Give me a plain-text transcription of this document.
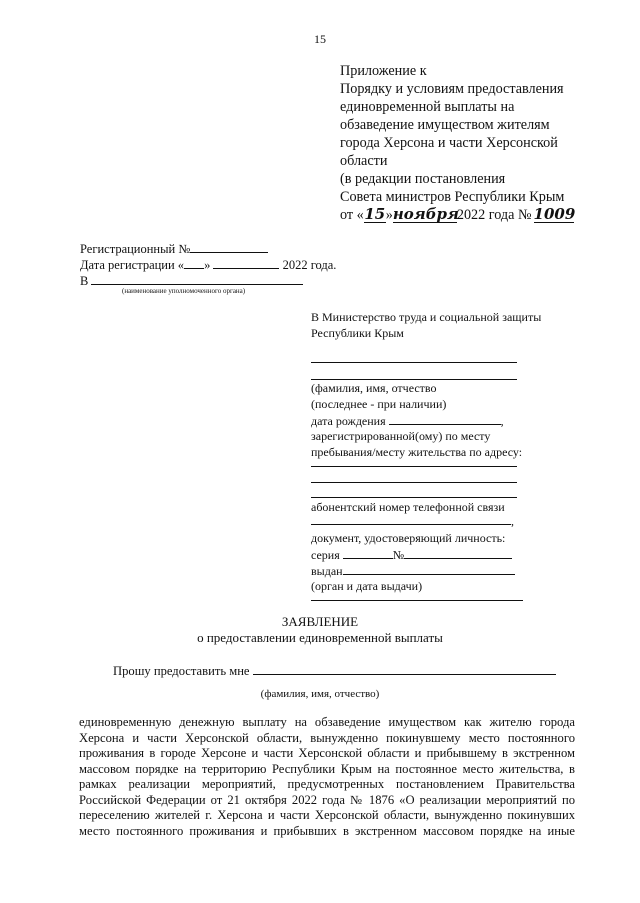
15
Приложение к
Порядку и условиям предоставления
единовременной выплаты на
обзаведение имуществом жителям
города Херсона и части Херсонской
области
(в редакции постановления
Совета министров Республики Крым
от «15»ноября2022 года № 1009
Регистрационный №
Дата регистрации « »	2022 года.
В
(наименование уполномоченного органа)
В Министерство труда и социальной защиты
Республики Крым
(фамилия, имя, отчество
(последнее - при наличии)
дата рождения	,
зарегистрированной(ому) по месту
пребывания/месту жительства по адресу:
абонентский номер телефонной связи
,
документ, удостоверяющий личность:
серия	№
выдан
(орган и дата выдачи)
ЗАЯВЛЕНИЕ
о предоставлении единовременной выплаты
Прошу предоставить мне
(фамилия, имя, отчество)
единовременную денежную выплату на обзаведение имуществом как жителю города
Херсона и части Херсонской области, вынужденно покинувшему место постоянного
проживания в городе Херсоне и части Херсонской области и прибывшему в экстренном
массовом порядке на территорию Республики Крым на постоянное место жительства, в
рамках реализации мероприятий, предусмотренных постановлением Правительства
Российской Федерации от 21 октября 2022 года № 1876 «О реализации мероприятий по
переселению жителей г. Херсона и части Херсонской области, вынужденно покинувших
место постоянного проживания и прибывших в экстренном массовом порядке на иные
